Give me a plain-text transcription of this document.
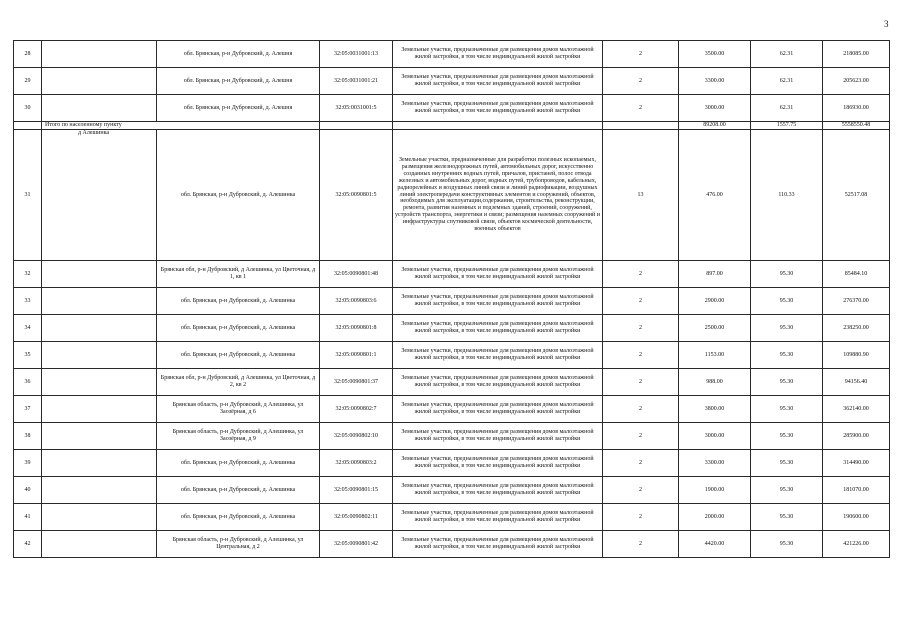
3
28		обл. Брянская, р-н Дубровский, д. Алешня	32:05:0031001:13	Земельные участки, предназначенные для размещения домов малоэтажной жилой застройки, в том числе индивидуальной жилой застройки	2	3500.00	62.31	218085.00
29		обл. Брянская, р-н Дубровский, д. Алешня	32:05:0031001:21	Земельные участки, предназначенные для размещения домов малоэтажной жилой застройки, в том числе индивидуальной жилой застройки	2	3300.00	62.31	205623.00
30		обл. Брянская, р-н Дубровский, д. Алешня	32:05:0031001:5	Земельные участки, предназначенные для размещения домов малоэтажной жилой застройки, в том числе индивидуальной жилой застройки	2	3000.00	62.31	186930.00
	Итого по населенному пункту					89208.00	1557.75	5558550.48
31	д Алешинка	обл. Брянская, р-н Дубровский, д. Алешинка	32:05:0090801:5	Земельные участки, предназначенные для разработки полезных ископаемых, размещения железнодорожных путей, автомобильных дорог, искусственно созданных внутренних водных путей, причалов, пристаней, полос отвода железных и автомобильных дорог, водных путей, трубопроводов, кабельных, радиорелейных и воздушных линий связи и линий радиофикации, воздушных линий электропередачи конструктивных элементов и сооружений, объектов, необходимых для эксплуатации,содержания, строительства, реконструкции, ремонта, развития наземных и подземных зданий, строений, сооружений, устройств транспорта, энергетики и связи; размещения наземных сооружений и инфраструктуры спутниковой связи, объектов космической деятельности, военных объектов	13	476.00	110.33	52517.08
32		Брянская обл, р-н Дубровский, д Алешинка, ул Цветочная, д 1, кв 1	32:05:0090801:48	Земельные участки, предназначенные для размещения домов малоэтажной жилой застройки, в том числе индивидуальной жилой застройки	2	897.00	95.30	85484.10
33		обл. Брянская, р-н Дубровский, д. Алешинка	32:05:0090803:6	Земельные участки, предназначенные для размещения домов малоэтажной жилой застройки, в том числе индивидуальной жилой застройки	2	2900.00	95.30	276370.00
34		обл. Брянская, р-н Дубровский, д. Алешинка	32:05:0090801:8	Земельные участки, предназначенные для размещения домов малоэтажной жилой застройки, в том числе индивидуальной жилой застройки	2	2500.00	95.30	238250.00
35		обл. Брянская, р-н Дубровский, д. Алешинка	32:05:0090801:1	Земельные участки, предназначенные для размещения домов малоэтажной жилой застройки, в том числе индивидуальной жилой застройки	2	1153.00	95.30	109880.90
36		Брянская обл, р-н Дубровский, д Алешинка, ул Цветочная, д 2, кв 2	32:05:0090801:37	Земельные участки, предназначенные для размещения домов малоэтажной жилой застройки, в том числе индивидуальной жилой застройки	2	988.00	95.30	94156.40
37		Брянская область, р-н Дубровский, д Алешинка, ул Заозёрная, д 6	32:05:0090802:7	Земельные участки, предназначенные для размещения домов малоэтажной жилой застройки, в том числе индивидуальной жилой застройки	2	3800.00	95.30	362140.00
38		Брянская область, р-н Дубровский, д Алешинка, ул Заозёрная, д 9	32:05:0090802:10	Земельные участки, предназначенные для размещения домов малоэтажной жилой застройки, в том числе индивидуальной жилой застройки	2	3000.00	95.30	285900.00
39		обл. Брянская, р-н Дубровский, д. Алешинка	32:05:0090803:2	Земельные участки, предназначенные для размещения домов малоэтажной жилой застройки, в том числе индивидуальной жилой застройки	2	3300.00	95.30	314490.00
40		обл. Брянская, р-н Дубровский, д. Алешинка	32:05:0090801:15	Земельные участки, предназначенные для размещения домов малоэтажной жилой застройки, в том числе индивидуальной жилой застройки	2	1900.00	95.30	181070.00
41		обл. Брянская, р-н Дубровский, д. Алешинка	32:05:0090802:11	Земельные участки, предназначенные для размещения домов малоэтажной жилой застройки, в том числе индивидуальной жилой застройки	2	2000.00	95.30	190600.00
42		Брянская область, р-н Дубровский, д Алешинка, ул Центральная, д 2	32:05:0090801:42	Земельные участки, предназначенные для размещения домов малоэтажной жилой застройки, в том числе индивидуальной жилой застройки	2	4420.00	95.30	421226.00
